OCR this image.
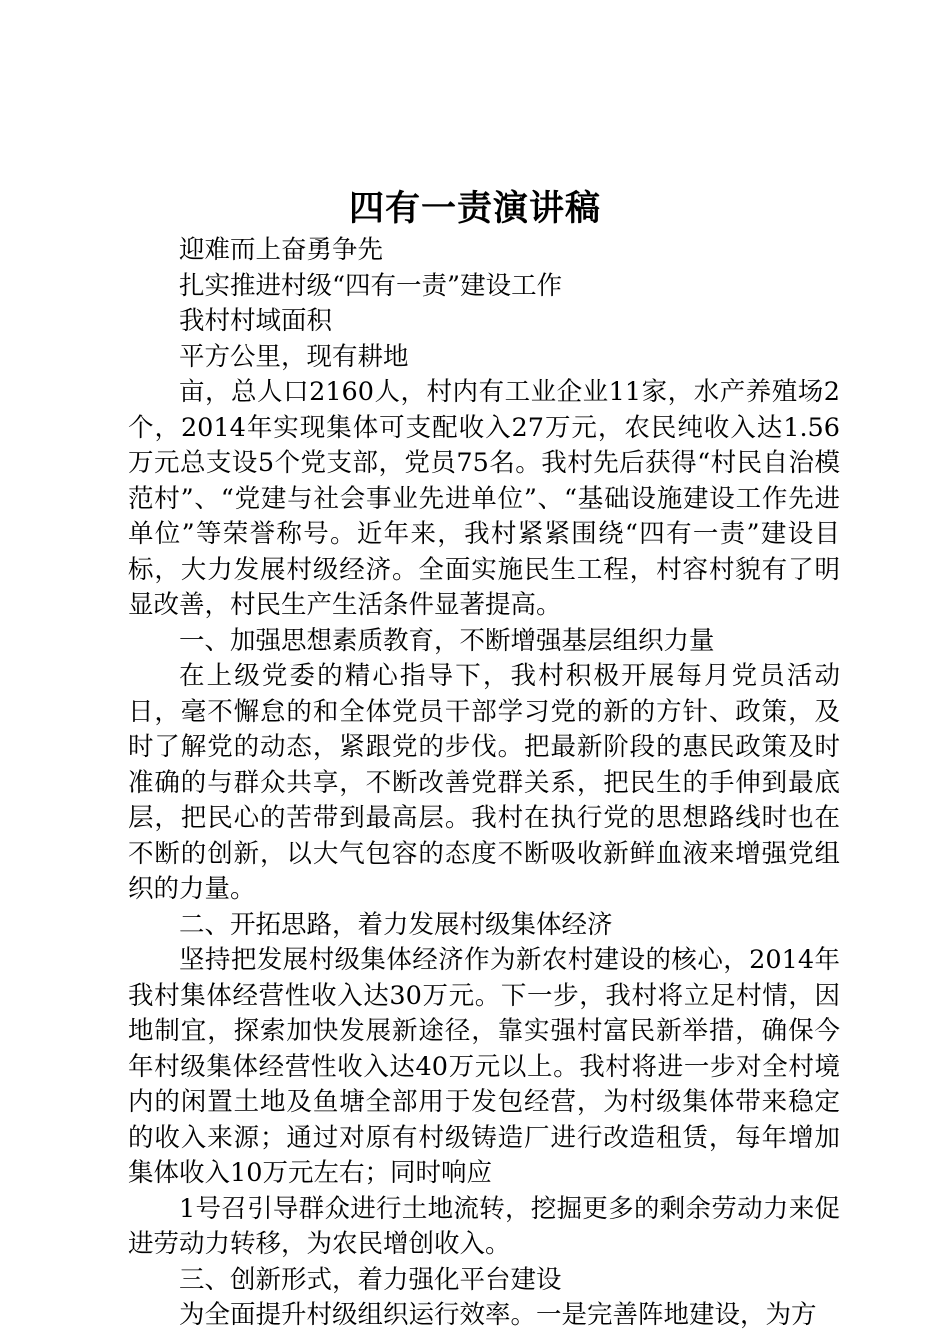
四有一责演讲稿

迎难而上奋勇争先

扎实推进村级“四有一责”建设工作

我村村域面积

平方公里，现有耕地

亩，总人口2160人，村内有工业企业11家，水产养殖场2个，2014年实现集体可支配收入27万元，农民纯收入达1.56万元总支设5个党支部，党员75名。我村先后获得“村民自治模范村”、“党建与社会事业先进单位”、“基础设施建设工作先进单位”等荣誉称号。近年来，我村紧紧围绕“四有一责”建设目标，大力发展村级经济。全面实施民生工程，村容村貌有了明显改善，村民生产生活条件显著提高。

一、加强思想素质教育，不断增强基层组织力量

在上级党委的精心指导下，我村积极开展每月党员活动日，毫不懈怠的和全体党员干部学习党的新的方针、政策，及时了解党的动态，紧跟党的步伐。把最新阶段的惠民政策及时准确的与群众共享，不断改善党群关系，把民生的手伸到最底层，把民心的苦带到最高层。我村在执行党的思想路线时也在不断的创新，以大气包容的态度不断吸收新鲜血液来增强党组织的力量。

二、开拓思路，着力发展村级集体经济

坚持把发展村级集体经济作为新农村建设的核心，2014年我村集体经营性收入达30万元。下一步，我村将立足村情，因地制宜，探索加快发展新途径，靠实强村富民新举措，确保今年村级集体经营性收入达40万元以上。我村将进一步对全村境内的闲置土地及鱼塘全部用于发包经营，为村级集体带来稳定的收入来源；通过对原有村级铸造厂进行改造租赁，每年增加集体收入10万元左右；同时响应

1号召引导群众进行土地流转，挖掘更多的剩余劳动力来促进劳动力转移，为农民增创收入。

三、创新形式，着力强化平台建设

为全面提升村级组织运行效率。一是完善阵地建设，为方
